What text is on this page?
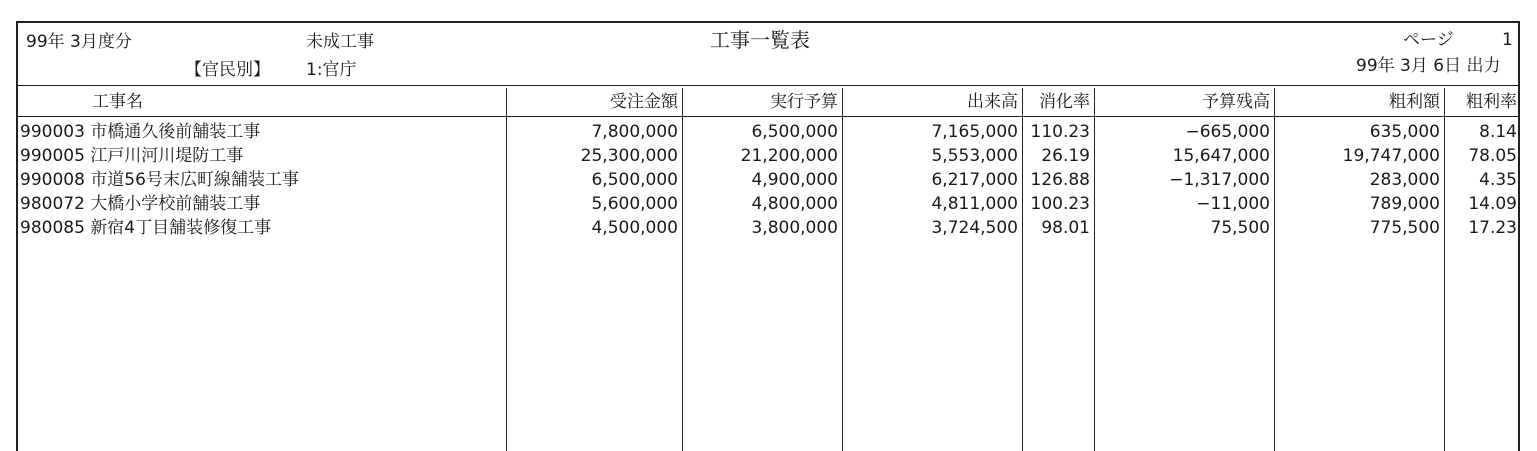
99年 3月度分	未成工事	工事一覧表	ページ	1
【官民別】 1:官庁	99年 3月 6日 出力
工事名	受注金額	実行予算	出来高	消化率	予算残高	粗利額	粗利率
990003 市橋通久後前舗装工事	7,800,000	6,500,000	7,165,000 110.23	−665,000	635,000	8.14
990005 江戸川河川堤防工事	25,300,000	21,200,000	5,553,000	26.19	15,647,000	19,747,000	78.05
990008 市道56号末広町線舗装工事	6,500,000	4,900,000	6,217,000 126.88	−1,317,000	283,000	4.35
980072 大橋小学校前舗装工事	5,600,000	4,800,000	4,811,000 100.23	−11,000	789,000	14.09
980085 新宿4丁目舗装修復工事	4,500,000	3,800,000	3,724,500	98.01	75,500	775,500	17.23
